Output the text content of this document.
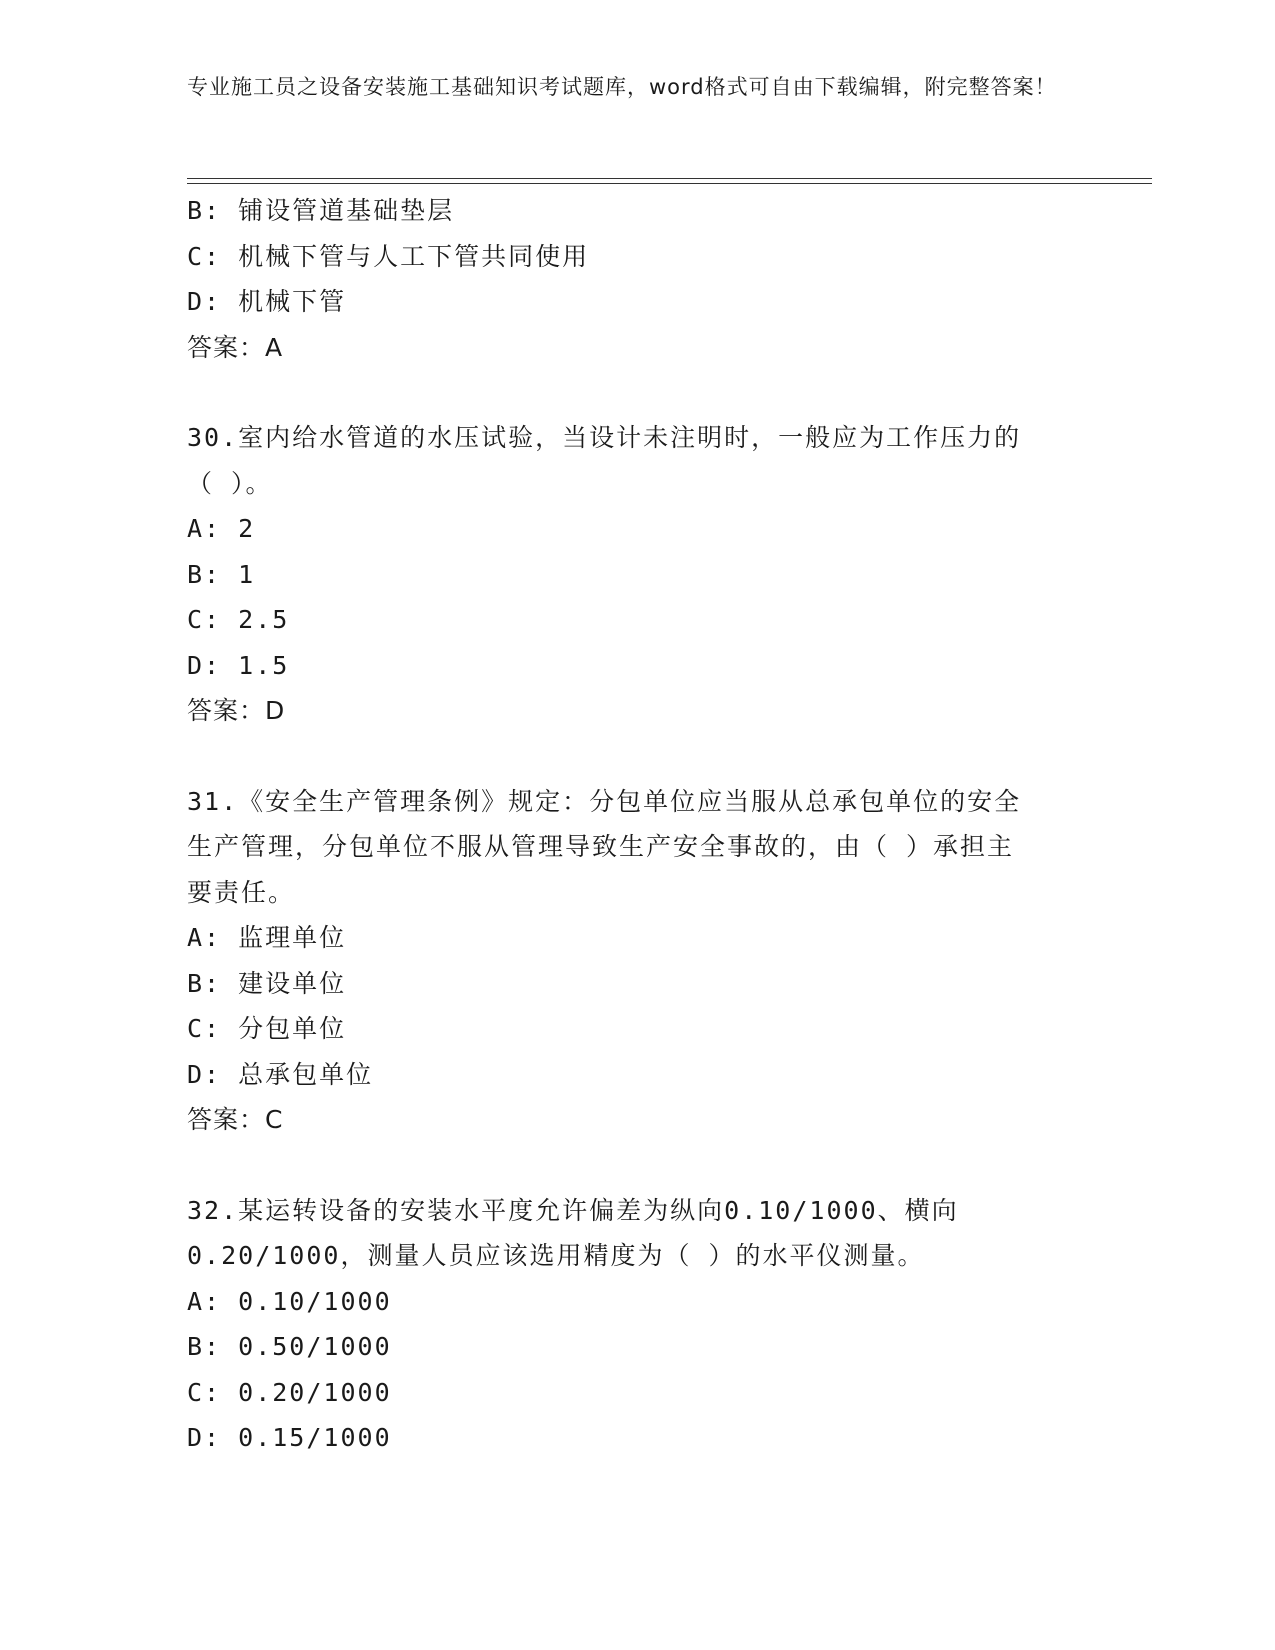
专业施工员之设备安装施工基础知识考试题库，word格式可自由下载编辑，附完整答案！
B: 铺设管道基础垫层
C: 机械下管与人工下管共同使用
D: 机械下管
答案：A
30.室内给水管道的水压试验，当设计未注明时，一般应为工作压力的
（ ）。
A: 2
B: 1
C: 2.5
D: 1.5
答案：D
31.《安全生产管理条例》规定：分包单位应当服从总承包单位的安全
生产管理，分包单位不服从管理导致生产安全事故的，由（ ）承担主
要责任。
A: 监理单位
B: 建设单位
C: 分包单位
D: 总承包单位
答案：C
32.某运转设备的安装水平度允许偏差为纵向0.10/1000、横向
0.20/1000，测量人员应该选用精度为（ ）的水平仪测量。
A: 0.10/1000
B: 0.50/1000
C: 0.20/1000
D: 0.15/1000
